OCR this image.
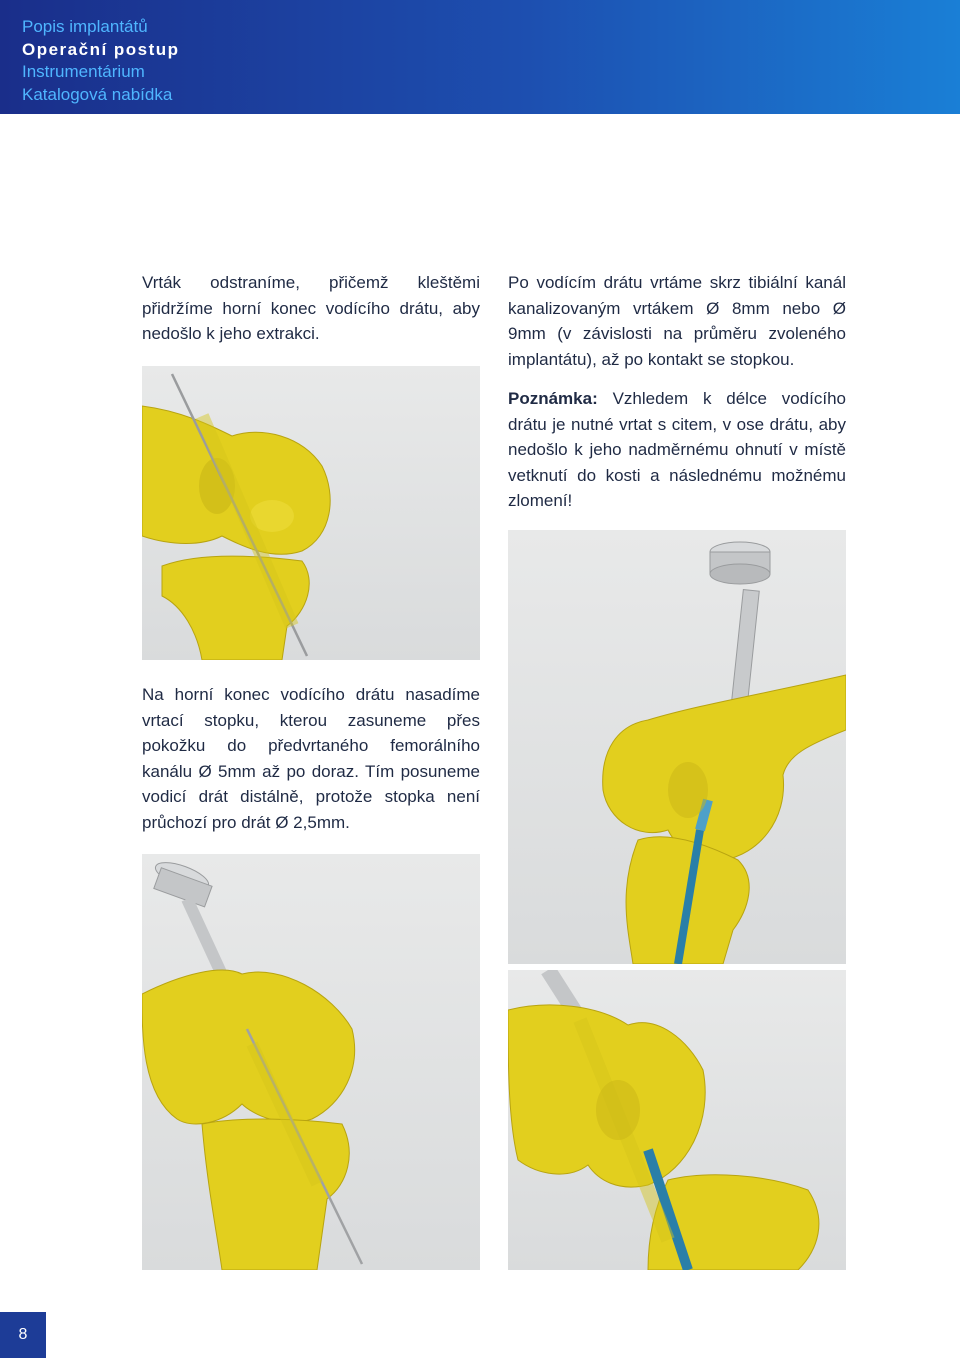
Popis implantátů
Operační postup
Instrumentárium
Katalogová nabídka

Vrták odstraníme, přičemž kleštěmi přidržíme horní konec vodícího drátu, aby nedošlo k jeho extrakci.

Po vodícím drátu vrtáme skrz tibiální kanál kanalizovaným vrtákem Ø 8mm nebo Ø 9mm (v závislosti na průměru zvoleného implantátu), až po kontakt se stopkou.

Poznámka: Vzhledem k délce vodícího drátu je nutné vrtat s citem, v ose drátu, aby nedošlo k jeho nadměrnému ohnutí v místě vetknutí do kosti a následnému možnému zlomení!

Na horní konec vodícího drátu nasadíme vrtací stopku, kterou zasuneme přes pokožku do předvrtaného femorálního kanálu Ø 5mm až po doraz. Tím posuneme vodicí drát distálně, protože stopka není průchozí pro drát Ø 2,5mm.

8
